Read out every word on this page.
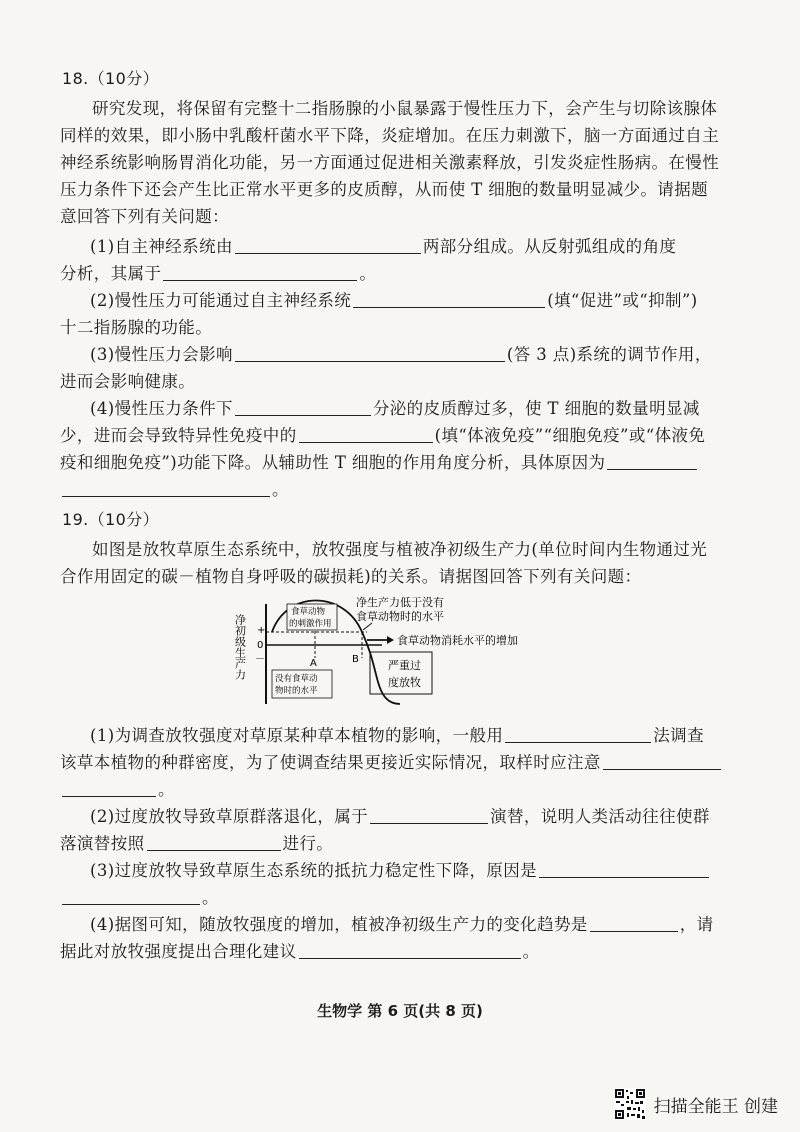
18.（10分）
研究发现，将保留有完整十二指肠腺的小鼠暴露于慢性压力下，会产生与切除该腺体
同样的效果，即小肠中乳酸杆菌水平下降，炎症增加。在压力刺激下，脑一方面通过自主
神经系统影响肠胃消化功能，另一方面通过促进相关激素释放，引发炎症性肠病。在慢性
压力条件下还会产生比正常水平更多的皮质醇，从而使 T 细胞的数量明显减少。请据题
意回答下列有关问题：
(1)自主神经系统由	两部分组成。从反射弧组成的角度
分析，其属于	。
(2)慢性压力可能通过自主神经系统	(填“促进”或“抑制”)
十二指肠腺的功能。
(3)慢性压力会影响	(答 3 点)系统的调节作用，
进而会影响健康。
(4)慢性压力条件下	分泌的皮质醇过多，使 T 细胞的数量明显减
少，进而会导致特异性免疫中的	(填“体液免疫”“细胞免疫”或“体液免
疫和细胞免疫”)功能下降。从辅助性 T 细胞的作用角度分析，具体原因为
。
19.（10分）
如图是放牧草原生态系统中，放牧强度与植被净初级生产力(单位时间内生物通过光
合作用固定的碳－植物自身呼吸的碳损耗)的关系。请据图回答下列有关问题：
净初级生产力 +
0
－
食草动物
的刺激作用
A	B
没有食草动
物时的水平
净生产力低于没有
食草动物时的水平
食草动物消耗水平的增加
严重过
度放牧
(1)为调查放牧强度对草原某种草本植物的影响，一般用	法调查
该草本植物的种群密度，为了使调查结果更接近实际情况，取样时应注意
。
(2)过度放牧导致草原群落退化，属于	演替，说明人类活动往往使群
落演替按照	进行。
(3)过度放牧导致草原生态系统的抵抗力稳定性下降，原因是
。
(4)据图可知，随放牧强度的增加，植被净初级生产力的变化趋势是	，请
据此对放牧强度提出合理化建议	。
生物学 第 6 页(共 8 页)
扫描全能王 创建
